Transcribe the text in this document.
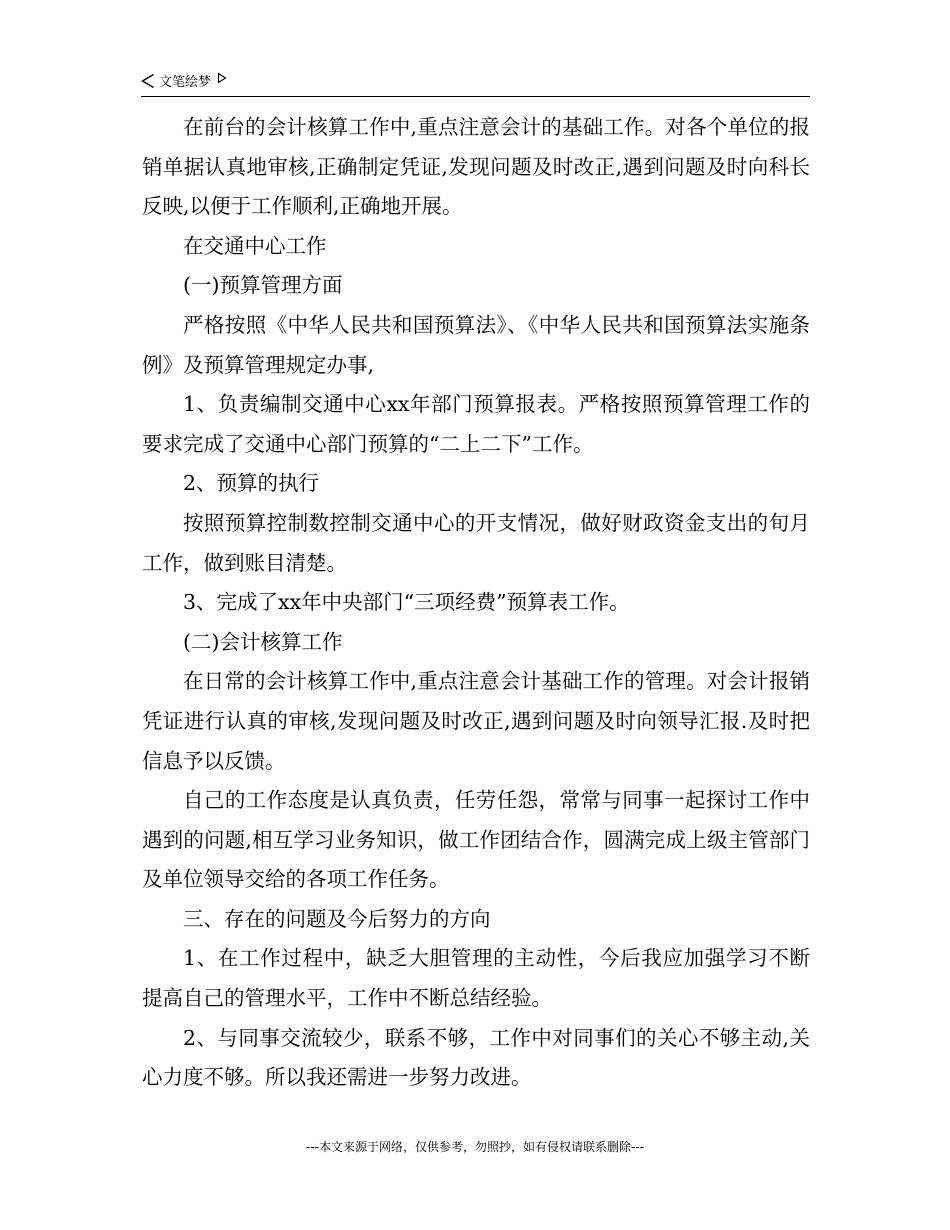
文笔绘梦

在前台的会计核算工作中,重点注意会计的基础工作。对各个单位的报销单据认真地审核,正确制定凭证,发现问题及时改正,遇到问题及时向科长反映,以便于工作顺利,正确地开展。

在交通中心工作

(一)预算管理方面

严格按照《中华人民共和国预算法》、《中华人民共和国预算法实施条例》及预算管理规定办事,

1、负责编制交通中心xx年部门预算报表。严格按照预算管理工作的要求完成了交通中心部门预算的“二上二下”工作。

2、预算的执行

按照预算控制数控制交通中心的开支情况，做好财政资金支出的旬月工作，做到账目清楚。

3、完成了xx年中央部门“三项经费”预算表工作。

(二)会计核算工作

在日常的会计核算工作中,重点注意会计基础工作的管理。对会计报销凭证进行认真的审核,发现问题及时改正,遇到问题及时向领导汇报.及时把信息予以反馈。

自己的工作态度是认真负责，任劳任怨，常常与同事一起探讨工作中遇到的问题,相互学习业务知识，做工作团结合作，圆满完成上级主管部门及单位领导交给的各项工作任务。

三、存在的问题及今后努力的方向

1、在工作过程中，缺乏大胆管理的主动性，今后我应加强学习不断提高自己的管理水平，工作中不断总结经验。

2、与同事交流较少，联系不够，工作中对同事们的关心不够主动,关心力度不够。所以我还需进一步努力改进。

---本文来源于网络，仅供参考，勿照抄，如有侵权请联系删除---
